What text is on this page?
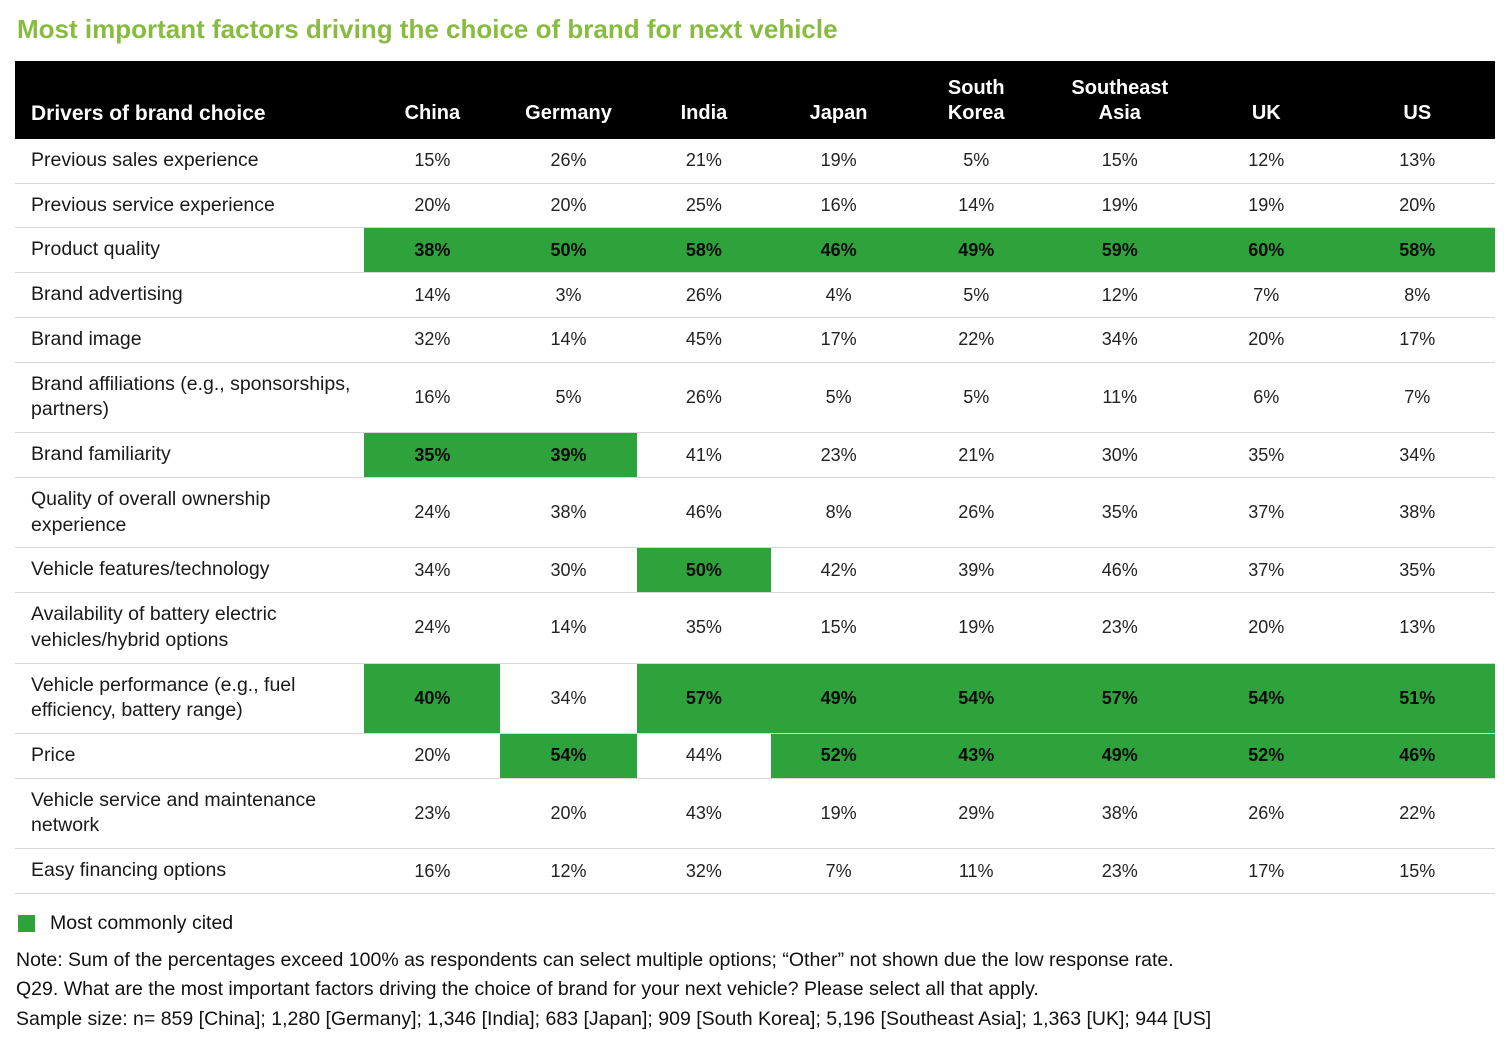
Most important factors driving the choice of brand for next vehicle
Drivers of brand choice	China	Germany	India	Japan	South Korea	Southeast Asia	UK	US
Previous sales experience	15%	26%	21%	19%	5%	15%	12%	13%
Previous service experience	20%	20%	25%	16%	14%	19%	19%	20%
Product quality	38%	50%	58%	46%	49%	59%	60%	58%
Brand advertising	14%	3%	26%	4%	5%	12%	7%	8%
Brand image	32%	14%	45%	17%	22%	34%	20%	17%
Brand affiliations (e.g., sponsorships, partners)	16%	5%	26%	5%	5%	11%	6%	7%
Brand familiarity	35%	39%	41%	23%	21%	30%	35%	34%
Quality of overall ownership experience	24%	38%	46%	8%	26%	35%	37%	38%
Vehicle features/technology	34%	30%	50%	42%	39%	46%	37%	35%
Availability of battery electric vehicles/hybrid options	24%	14%	35%	15%	19%	23%	20%	13%
Vehicle performance (e.g., fuel efficiency, battery range)	40%	34%	57%	49%	54%	57%	54%	51%
Price	20%	54%	44%	52%	43%	49%	52%	46%
Vehicle service and maintenance network	23%	20%	43%	19%	29%	38%	26%	22%
Easy financing options	16%	12%	32%	7%	11%	23%	17%	15%
Most commonly cited

Note: Sum of the percentages exceed 100% as respondents can select multiple options; “Other” not shown due the low response rate.

Q29. What are the most important factors driving the choice of brand for your next vehicle? Please select all that apply.

Sample size: n= 859 [China]; 1,280 [Germany]; 1,346 [India]; 683 [Japan]; 909 [South Korea]; 5,196 [Southeast Asia]; 1,363 [UK]; 944 [US]
